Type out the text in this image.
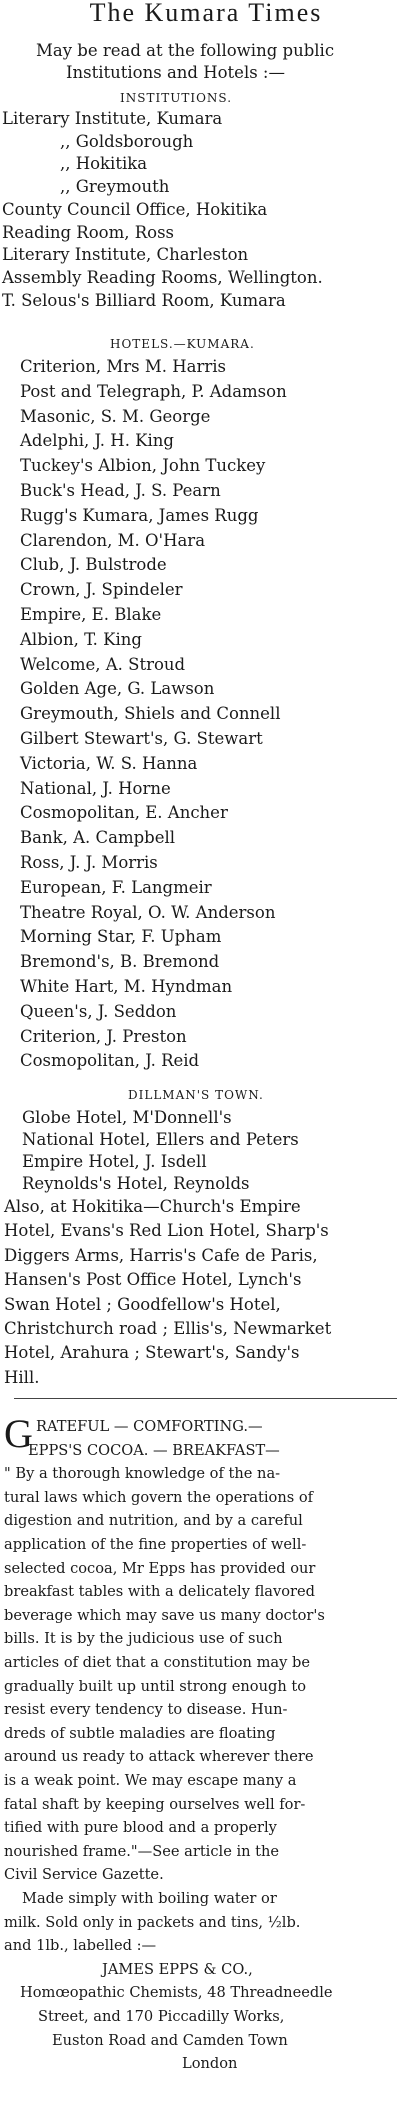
The Kumara Times
May be read at the following public
Institutions and Hotels :—
INSTITUTIONS.
Literary Institute, Kumara
,, Goldsborough
,, Hokitika
,, Greymouth
County Council Office, Hokitika
Reading Room, Ross
Literary Institute, Charleston
Assembly Reading Rooms, Wellington.
T. Selous's Billiard Room, Kumara
HOTELS.—KUMARA.
Criterion, Mrs M. Harris
Post and Telegraph, P. Adamson
Masonic, S. M. George
Adelphi, J. H. King
Tuckey's Albion, John Tuckey
Buck's Head, J. S. Pearn
Rugg's Kumara, James Rugg
Clarendon, M. O'Hara
Club, J. Bulstrode
Crown, J. Spindeler
Empire, E. Blake
Albion, T. King
Welcome, A. Stroud
Golden Age, G. Lawson
Greymouth, Shiels and Connell
Gilbert Stewart's, G. Stewart
Victoria, W. S. Hanna
National, J. Horne
Cosmopolitan, E. Ancher
Bank, A. Campbell
Ross, J. J. Morris
European, F. Langmeir
Theatre Royal, O. W. Anderson
Morning Star, F. Upham
Bremond's, B. Bremond
White Hart, M. Hyndman
Queen's, J. Seddon
Criterion, J. Preston
Cosmopolitan, J. Reid
DILLMAN'S TOWN.
Globe Hotel, M'Donnell's
National Hotel, Ellers and Peters
Empire Hotel, J. Isdell
Reynolds's Hotel, Reynolds
Also, at Hokitika—Church's Empire
Hotel, Evans's Red Lion Hotel, Sharp's
Diggers Arms, Harris's Cafe de Paris,
Hansen's Post Office Hotel, Lynch's
Swan Hotel ; Goodfellow's Hotel,
Christchurch road ; Ellis's, Newmarket
Hotel, Arahura ; Stewart's, Sandy's
Hill.
G RATEFUL — COMFORTING.—
EPPS'S COCOA. — BREAKFAST—
" By a thorough knowledge of the na-
tural laws which govern the operations of
digestion and nutrition, and by a careful
application of the fine properties of well-
selected cocoa, Mr Epps has provided our
breakfast tables with a delicately flavored
beverage which may save us many doctor's
bills. It is by the judicious use of such
articles of diet that a constitution may be
gradually built up until strong enough to
resist every tendency to disease. Hun-
dreds of subtle maladies are floating
around us ready to attack wherever there
is a weak point. We may escape many a
fatal shaft by keeping ourselves well for-
tified with pure blood and a properly
nourished frame."—See article in the
Civil Service Gazette.
Made simply with boiling water or
milk. Sold only in packets and tins, ½lb.
and 1lb., labelled :—
JAMES EPPS & CO.,
Homœopathic Chemists, 48 Threadneedle
Street, and 170 Piccadilly Works,
Euston Road and Camden Town
London
